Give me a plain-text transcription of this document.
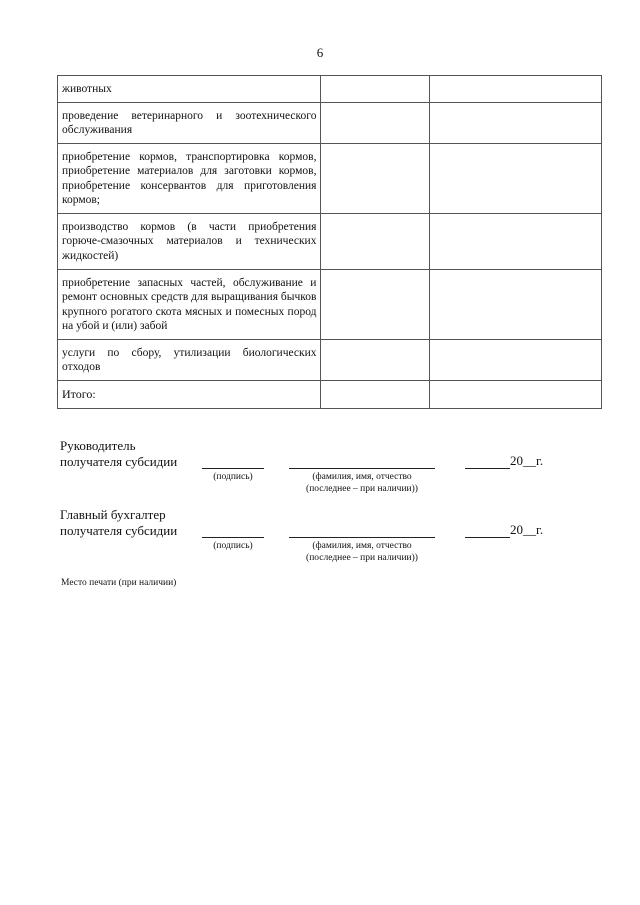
6
животных		
проведение ветеринарного и зоотехнического обслуживания		
приобретение кормов, транспортировка кормов, приобретение материалов для заготовки кормов, приобретение консервантов для приготовления кормов;		
производство кормов (в части приобретения горюче-смазочных материалов и технических жидкостей)		
приобретение запасных частей, обслуживание и ремонт основных средств для выращивания бычков крупного рогатого скота мясных и помесных пород на убой и (или) забой		
услуги по сбору, утилизации биологических отходов		
Итого:		
Руководитель
получателя субсидии
(подпись)	(фамилия, имя, отчество
(последнее – при наличии))
20__г.
Главный бухгалтер
получателя субсидии
(подпись)	(фамилия, имя, отчество
(последнее – при наличии))
20__г.
Место печати (при наличии)
